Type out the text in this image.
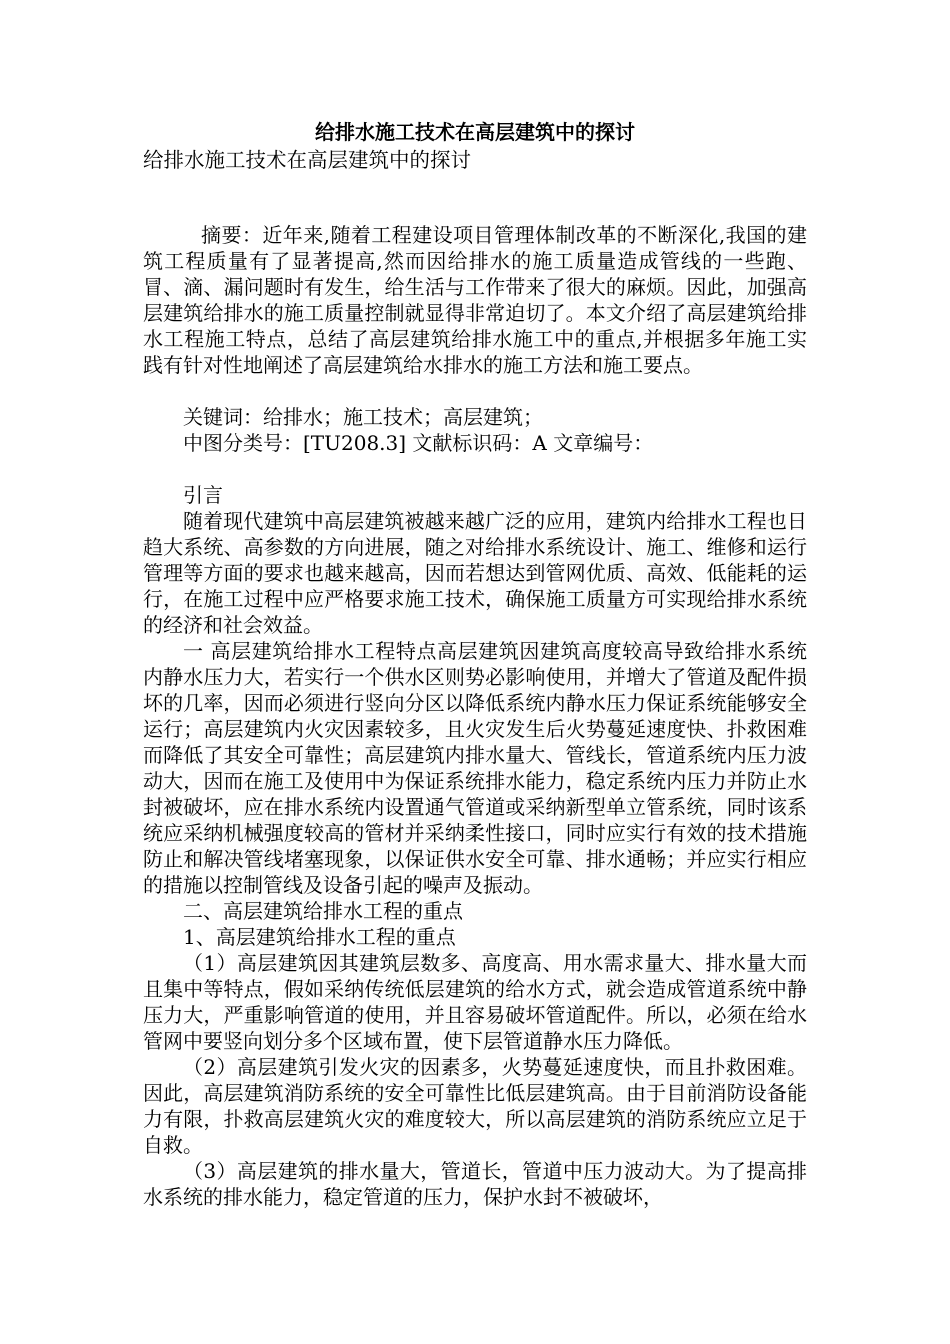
给排水施工技术在高层建筑中的探讨

给排水施工技术在高层建筑中的探讨

摘要：近年来,随着工程建设项目管理体制改革的不断深化,我国的建筑工程质量有了显著提高,然而因给排水的施工质量造成管线的一些跑、冒、滴、漏问题时有发生，给生活与工作带来了很大的麻烦。因此，加强高层建筑给排水的施工质量控制就显得非常迫切了。本文介绍了高层建筑给排水工程施工特点，总结了高层建筑给排水施工中的重点,并根据多年施工实践有针对性地阐述了高层建筑给水排水的施工方法和施工要点。

关键词：给排水；施工技术；高层建筑；

中图分类号：[TU208.3] 文献标识码：A 文章编号：

引言

随着现代建筑中高层建筑被越来越广泛的应用，建筑内给排水工程也日趋大系统、高参数的方向进展，随之对给排水系统设计、施工、维修和运行管理等方面的要求也越来越高，因而若想达到管网优质、高效、低能耗的运行，在施工过程中应严格要求施工技术，确保施工质量方可实现给排水系统的经济和社会效益。

一 高层建筑给排水工程特点高层建筑因建筑高度较高导致给排水系统内静水压力大，若实行一个供水区则势必影响使用，并增大了管道及配件损坏的几率，因而必须进行竖向分区以降低系统内静水压力保证系统能够安全运行；高层建筑内火灾因素较多，且火灾发生后火势蔓延速度快、扑救困难而降低了其安全可靠性；高层建筑内排水量大、管线长，管道系统内压力波动大，因而在施工及使用中为保证系统排水能力，稳定系统内压力并防止水封被破坏，应在排水系统内设置通气管道或采纳新型单立管系统，同时该系统应采纳机械强度较高的管材并采纳柔性接口，同时应实行有效的技术措施防止和解决管线堵塞现象，以保证供水安全可靠、排水通畅；并应实行相应的措施以控制管线及设备引起的噪声及振动。

二、高层建筑给排水工程的重点

1、高层建筑给排水工程的重点

（1）高层建筑因其建筑层数多、高度高、用水需求量大、排水量大而且集中等特点，假如采纳传统低层建筑的给水方式，就会造成管道系统中静压力大，严重影响管道的使用，并且容易破坏管道配件。所以，必须在给水管网中要竖向划分多个区域布置，使下层管道静水压力降低。

（2）高层建筑引发火灾的因素多，火势蔓延速度快，而且扑救困难。因此，高层建筑消防系统的安全可靠性比低层建筑高。由于目前消防设备能力有限，扑救高层建筑火灾的难度较大，所以高层建筑的消防系统应立足于自救。

（3）高层建筑的排水量大，管道长，管道中压力波动大。为了提高排水系统的排水能力，稳定管道的压力，保护水封不被破坏，
